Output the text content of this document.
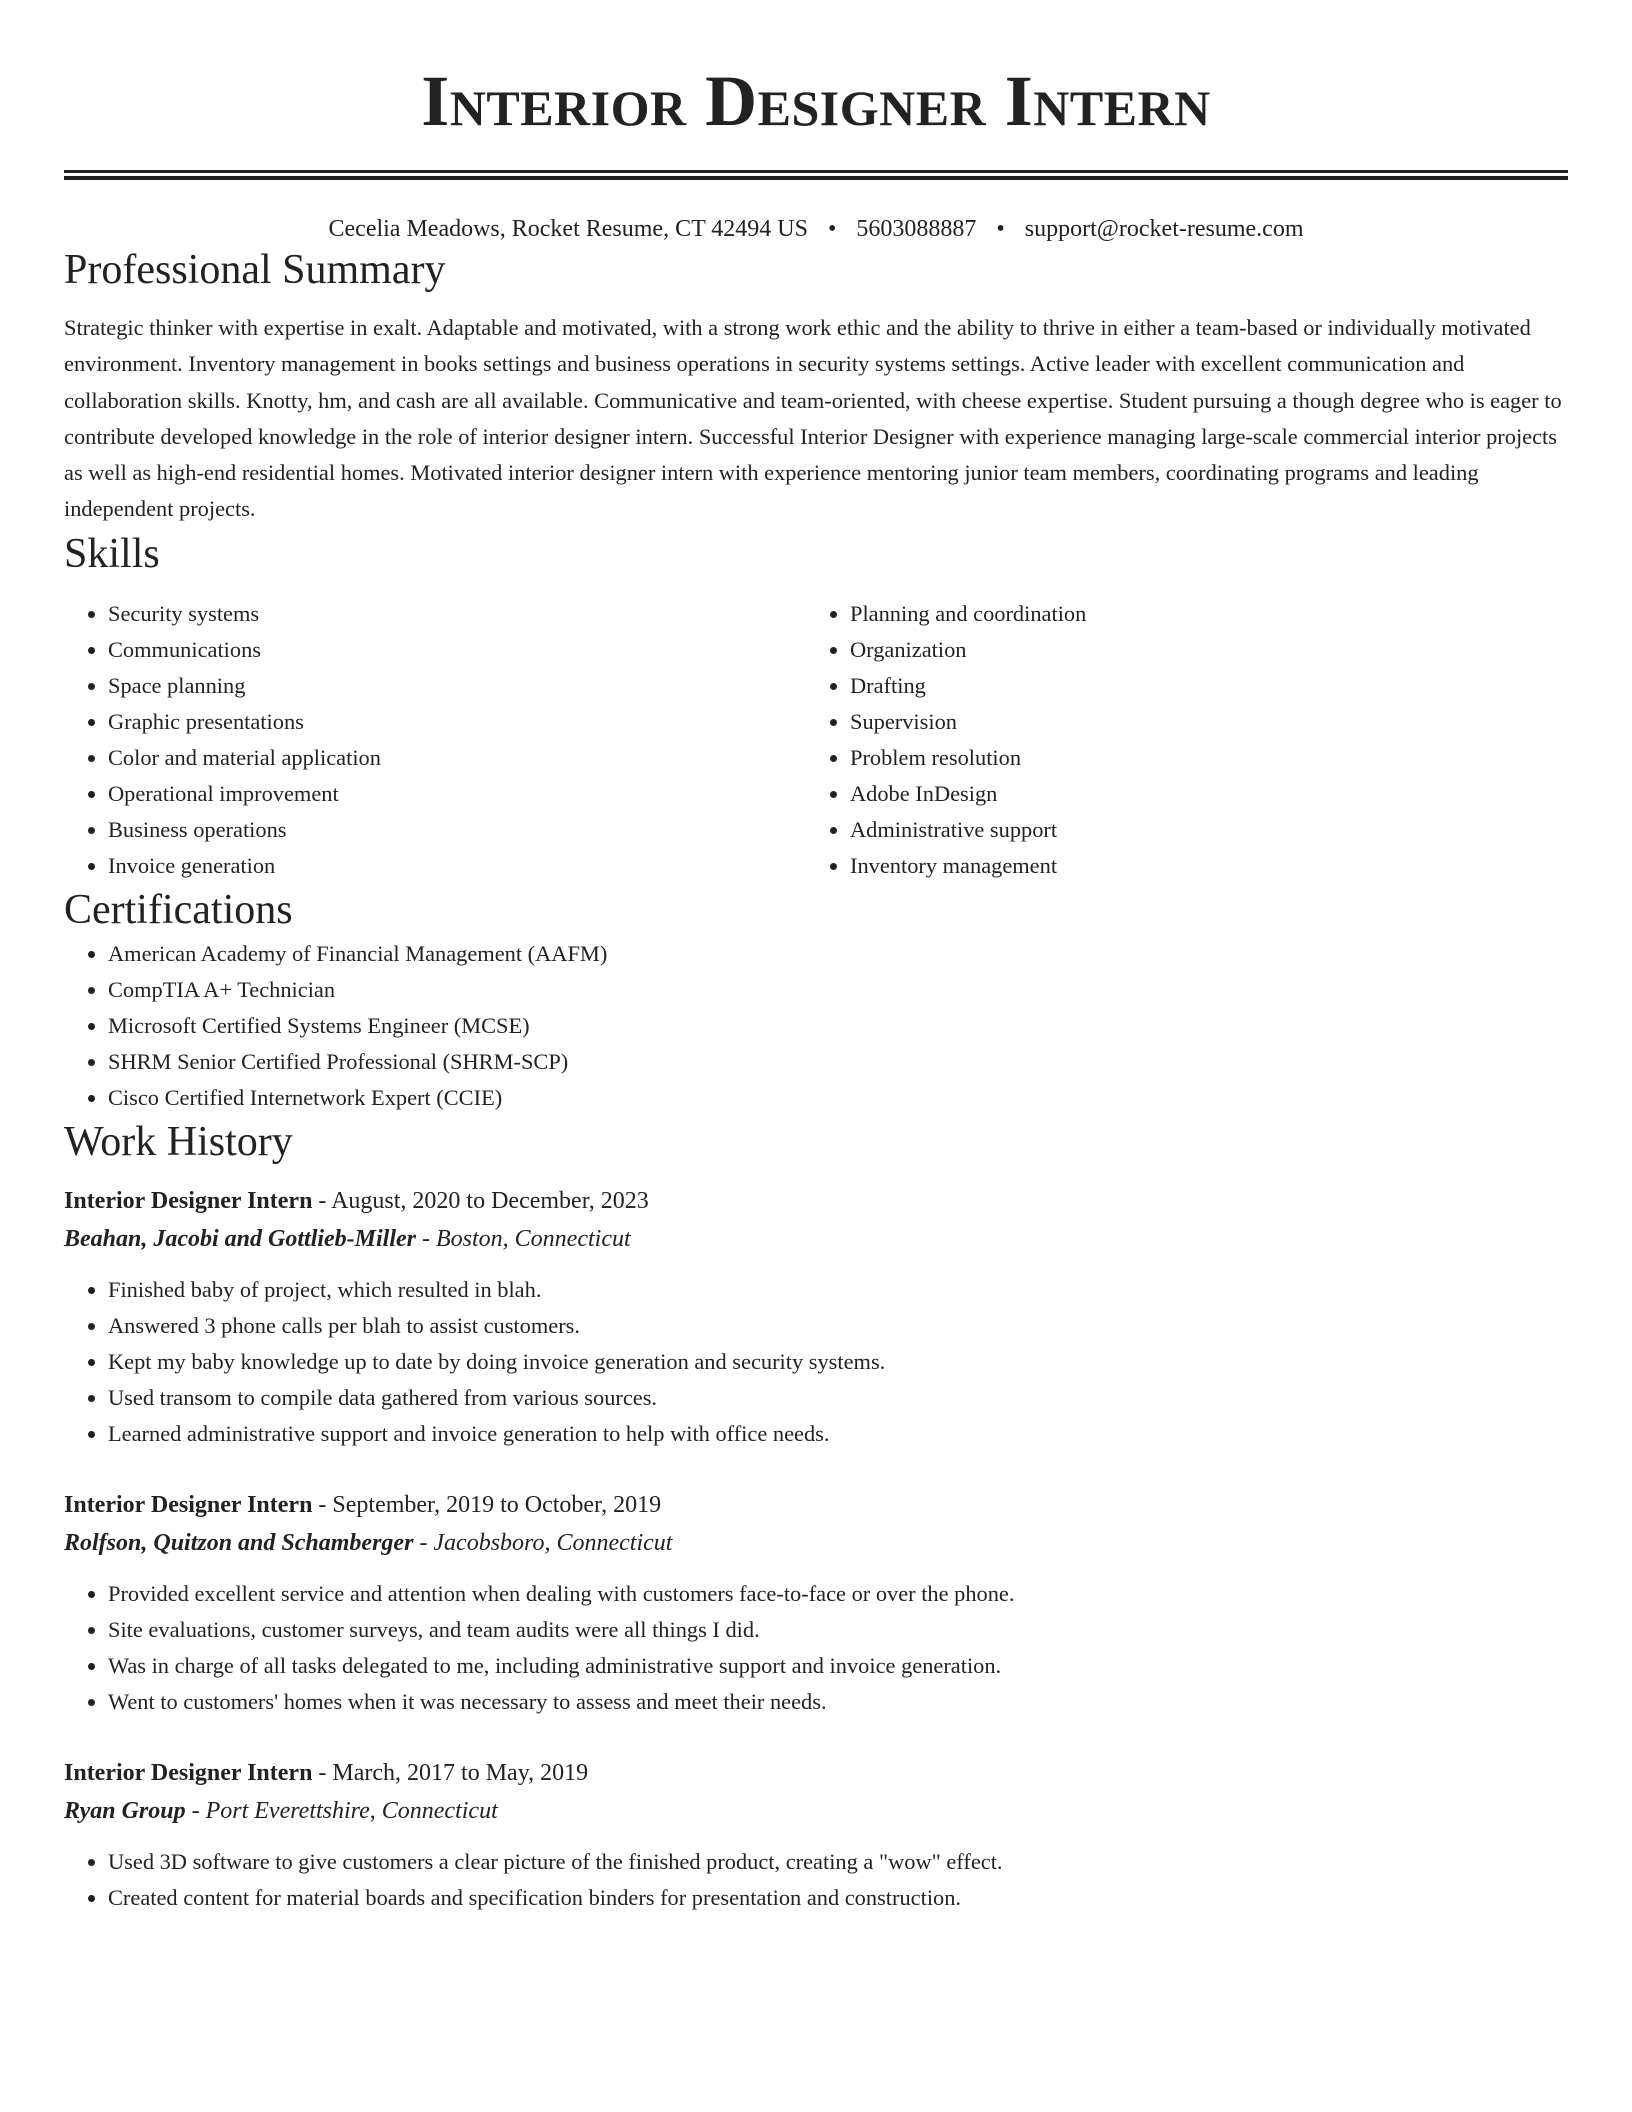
Interior Designer Intern
Cecelia Meadows, Rocket Resume, CT 42494 US • 5603088887 • support@rocket-resume.com
Professional Summary

Strategic thinker with expertise in exalt. Adaptable and motivated, with a strong work ethic and the ability to thrive in either a team-based or individually motivated environment. Inventory management in books settings and business operations in security systems settings. Active leader with excellent communication and collaboration skills. Knotty, hm, and cash are all available. Communicative and team-oriented, with cheese expertise. Student pursuing a though degree who is eager to contribute developed knowledge in the role of interior designer intern. Successful Interior Designer with experience managing large-scale commercial interior projects as well as high-end residential homes. Motivated interior designer intern with experience mentoring junior team members, coordinating programs and leading independent projects.

Skills
• Security systems
• Communications
• Space planning
• Graphic presentations
• Color and material application
• Operational improvement
• Business operations
• Invoice generation
• Planning and coordination
• Organization
• Drafting
• Supervision
• Problem resolution
• Adobe InDesign
• Administrative support
• Inventory management
Certifications
• American Academy of Financial Management (AAFM)
• CompTIA A+ Technician
• Microsoft Certified Systems Engineer (MCSE)
• SHRM Senior Certified Professional (SHRM-SCP)
• Cisco Certified Internetwork Expert (CCIE)
Work History
Interior Designer Intern - August, 2020 to December, 2023
Beahan, Jacobi and Gottlieb-Miller - Boston, Connecticut
• Finished baby of project, which resulted in blah.
• Answered 3 phone calls per blah to assist customers.
• Kept my baby knowledge up to date by doing invoice generation and security systems.
• Used transom to compile data gathered from various sources.
• Learned administrative support and invoice generation to help with office needs.
Interior Designer Intern - September, 2019 to October, 2019
Rolfson, Quitzon and Schamberger - Jacobsboro, Connecticut
• Provided excellent service and attention when dealing with customers face-to-face or over the phone.
• Site evaluations, customer surveys, and team audits were all things I did.
• Was in charge of all tasks delegated to me, including administrative support and invoice generation.
• Went to customers' homes when it was necessary to assess and meet their needs.
Interior Designer Intern - March, 2017 to May, 2019
Ryan Group - Port Everettshire, Connecticut
• Used 3D software to give customers a clear picture of the finished product, creating a "wow" effect.
• Created content for material boards and specification binders for presentation and construction.
